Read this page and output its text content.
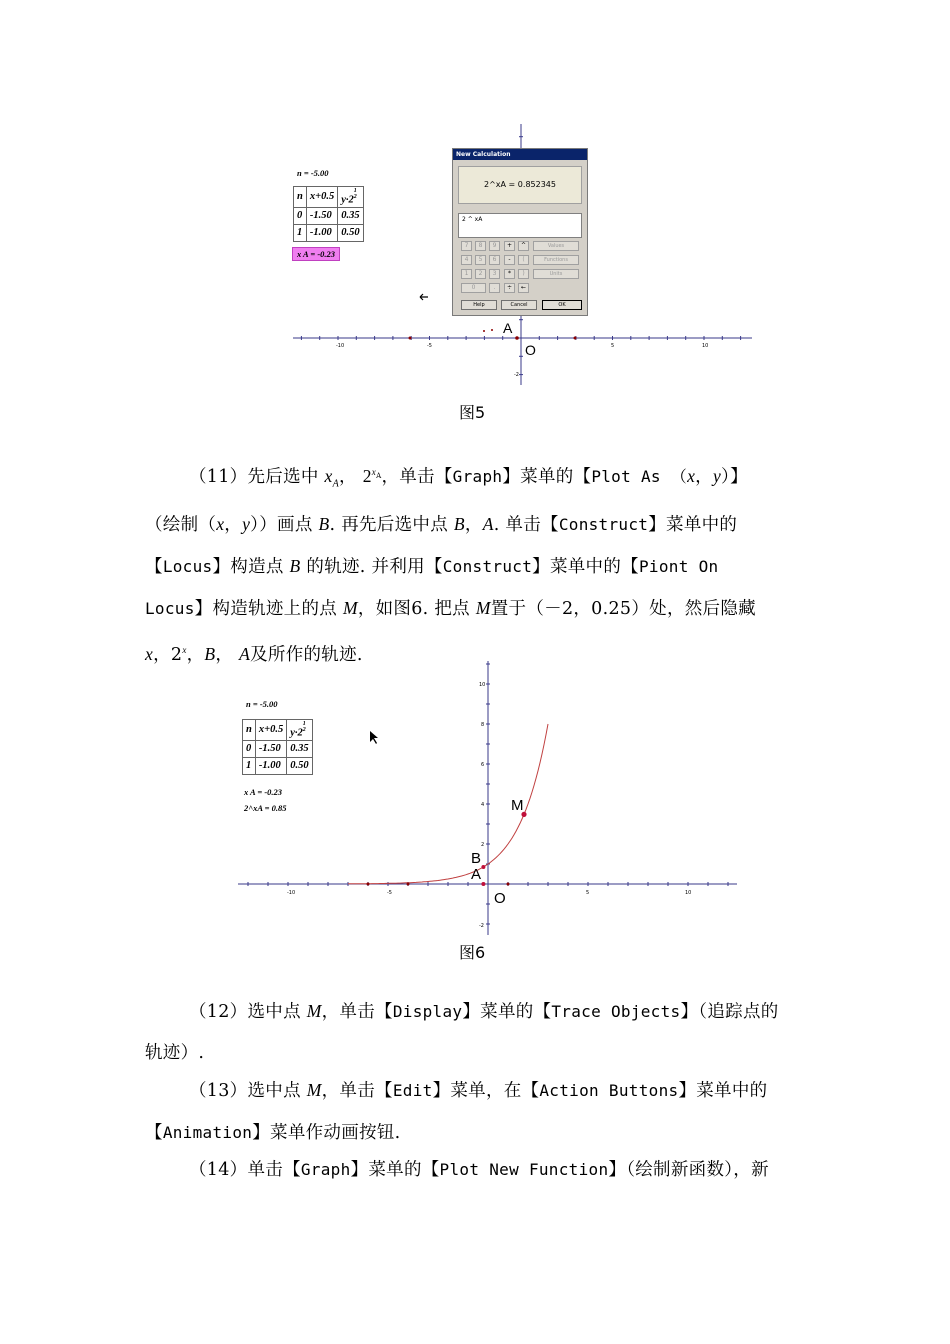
A
O
-10	-5	5	10
-2
n = -5.00
n	x+0.5	$y\cdot 2^{1 2}$
0	-1.50	0.35
1	-1.00	0.50
x A = -0.23
New Calculation
2^xA = 0.852345
2 ^ xA
7	8	9	+	^	Values
4	5	6	-	(	Functions
1	2	3	*	)	Units
0	.	÷	←
Help	Cancel	OK
图5

（11）先后选中 $x_A$， $2^{x_A}$，单击【Graph】菜单的【Plot As （x，y）】

（绘制（x，y））画点 B. 再先后选中点 B，A. 单击【Construct】菜单中的

【Locus】构造点 B 的轨迹. 并利用【Construct】菜单中的【Piont On

Locus】构造轨迹上的点 M，如图6. 把点 M置于（－2，0.25）处，然后隐藏

x，2$^x$，B， A及所作的轨迹.

M
B
A
O
-10	-5	5	10
10
8
6
4
2
-2
n = -5.00
n	x+0.5	$y\cdot 2^{1 2}$
0	-1.50	0.35
1	-1.00	0.50
x A = -0.23
2^xA = 0.85
图6

（12）选中点 M，单击【Display】菜单的【Trace Objects】（追踪点的

轨迹）.

（13）选中点 M，单击【Edit】菜单，在【Action Buttons】菜单中的

【Animation】菜单作动画按钮.

（14）单击【Graph】菜单的【Plot New Function】（绘制新函数），新
